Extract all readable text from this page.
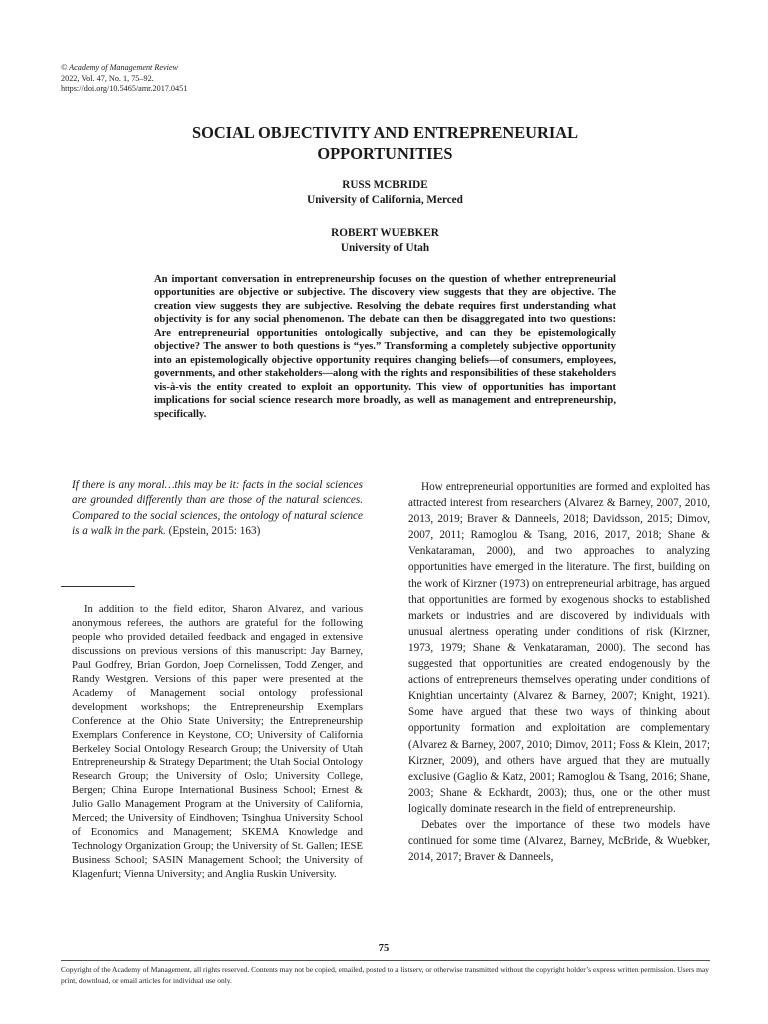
© Academy of Management Review
2022, Vol. 47, No. 1, 75–92.
https://doi.org/10.5465/amr.2017.0451
SOCIAL OBJECTIVITY AND ENTREPRENEURIAL
OPPORTUNITIES
RUSS MCBRIDE
University of California, Merced
ROBERT WUEBKER
University of Utah
An important conversation in entrepreneurship focuses on the question of whether entrepreneurial opportunities are objective or subjective. The discovery view suggests that they are objective. The creation view suggests they are subjective. Resolving the debate requires first understanding what objectivity is for any social phenomenon. The debate can then be disaggregated into two questions: Are entrepreneurial opportunities ontologically subjective, and can they be epistemologically objective? The answer to both questions is “yes.” Transforming a completely subjective opportunity into an epistemologically objective opportunity requires changing beliefs—of consumers, employees, governments, and other stakeholders—along with the rights and responsibilities of these stakeholders vis-à-vis the entity created to exploit an opportunity. This view of opportunities has important implications for social science research more broadly, as well as management and entrepreneurship, specifically.
If there is any moral…this may be it: facts in the social sciences are grounded differently than are those of the natural sciences. Compared to the social sciences, the ontology of natural science is a walk in the park. (Epstein, 2015: 163)
In addition to the field editor, Sharon Alvarez, and various anonymous referees, the authors are grateful for the following people who provided detailed feedback and engaged in extensive discussions on previous versions of this manuscript: Jay Barney, Paul Godfrey, Brian Gordon, Joep Cornelissen, Todd Zenger, and Randy Westgren. Versions of this paper were presented at the Academy of Management social ontology professional development workshops; the Entrepreneurship Exemplars Conference at the Ohio State University; the Entrepreneurship Exemplars Conference in Keystone, CO; University of California Berkeley Social Ontology Research Group; the University of Utah Entrepreneurship & Strategy Department; the Utah Social Ontology Research Group; the University of Oslo; University College, Bergen; China Europe International Business School; Ernest & Julio Gallo Management Program at the University of California, Merced; the University of Eindhoven; Tsinghua University School of Economics and Management; SKEMA Knowledge and Technology Organization Group; the University of St. Gallen; IESE Business School; SASIN Management School; the University of Klagenfurt; Vienna University; and Anglia Ruskin University.

How entrepreneurial opportunities are formed and exploited has attracted interest from researchers (Alvarez & Barney, 2007, 2010, 2013, 2019; Braver & Danneels, 2018; Davidsson, 2015; Dimov, 2007, 2011; Ramoglou & Tsang, 2016, 2017, 2018; Shane & Venkataraman, 2000), and two approaches to analyzing opportunities have emerged in the literature. The first, building on the work of Kirzner (1973) on entrepreneurial arbitrage, has argued that opportunities are formed by exogenous shocks to established markets or industries and are discovered by individuals with unusual alertness operating under conditions of risk (Kirzner, 1973, 1979; Shane & Venkataraman, 2000). The second has suggested that opportunities are created endogenously by the actions of entrepreneurs themselves operating under conditions of Knightian uncertainty (Alvarez & Barney, 2007; Knight, 1921). Some have argued that these two ways of thinking about opportunity formation and exploitation are complementary (Alvarez & Barney, 2007, 2010; Dimov, 2011; Foss & Klein, 2017; Kirzner, 2009), and others have argued that they are mutually exclusive (Gaglio & Katz, 2001; Ramoglou & Tsang, 2016; Shane, 2003; Shane & Eckhardt, 2003); thus, one or the other must logically dominate research in the field of entrepreneurship.

Debates over the importance of these two models have continued for some time (Alvarez, Barney, McBride, & Wuebker, 2014, 2017; Braver & Danneels,

75
Copyright of the Academy of Management, all rights reserved. Contents may not be copied, emailed, posted to a listserv, or otherwise transmitted without the copyright holder’s express written permission. Users may print, download, or email articles for individual use only.
